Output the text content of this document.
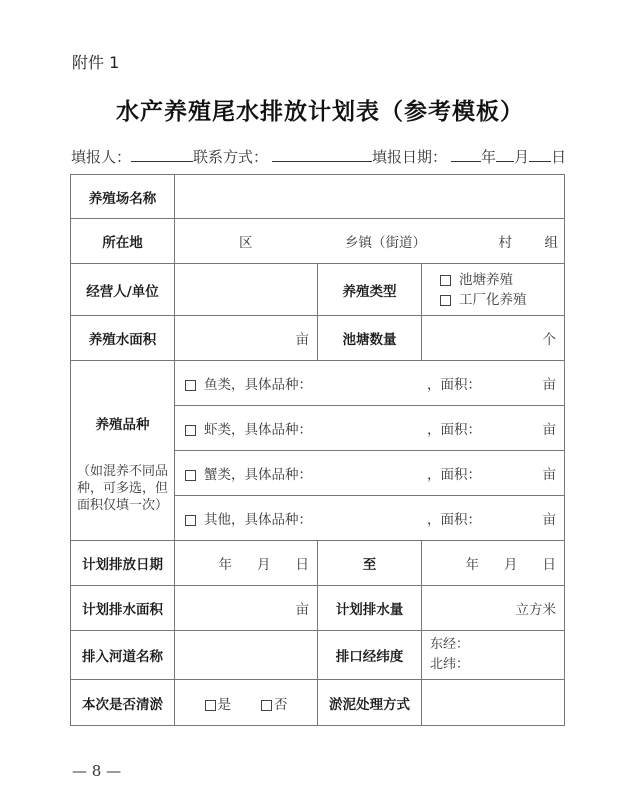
附件 1
水产养殖尾水排放计划表（参考模板）
填报人：	联系方式：	填报日期： 年 月 日
养殖场名称			
所在地	区 乡镇（街道） 村 组		

经营人/单位		养殖类型	池塘养殖
工厂化养殖

养殖水面积	亩	池塘数量	个

养殖品种
（如混养不同品种，可多选，但面积仅填一次）

鱼类，具体品种：	，面积：	亩

	虾类，具体品种： ，面积： 亩		

	蟹类，具体品种： ，面积： 亩		

	其他，具体品种： ，面积： 亩		

计划排放日期	年 月 日	至	年 月 日

计划排水面积	亩	计划排水量	立方米
排入河道名称		排口经纬度	东经：
北纬：

本次是否清淤	是 否	淤泥处理方式	
— 8 —
